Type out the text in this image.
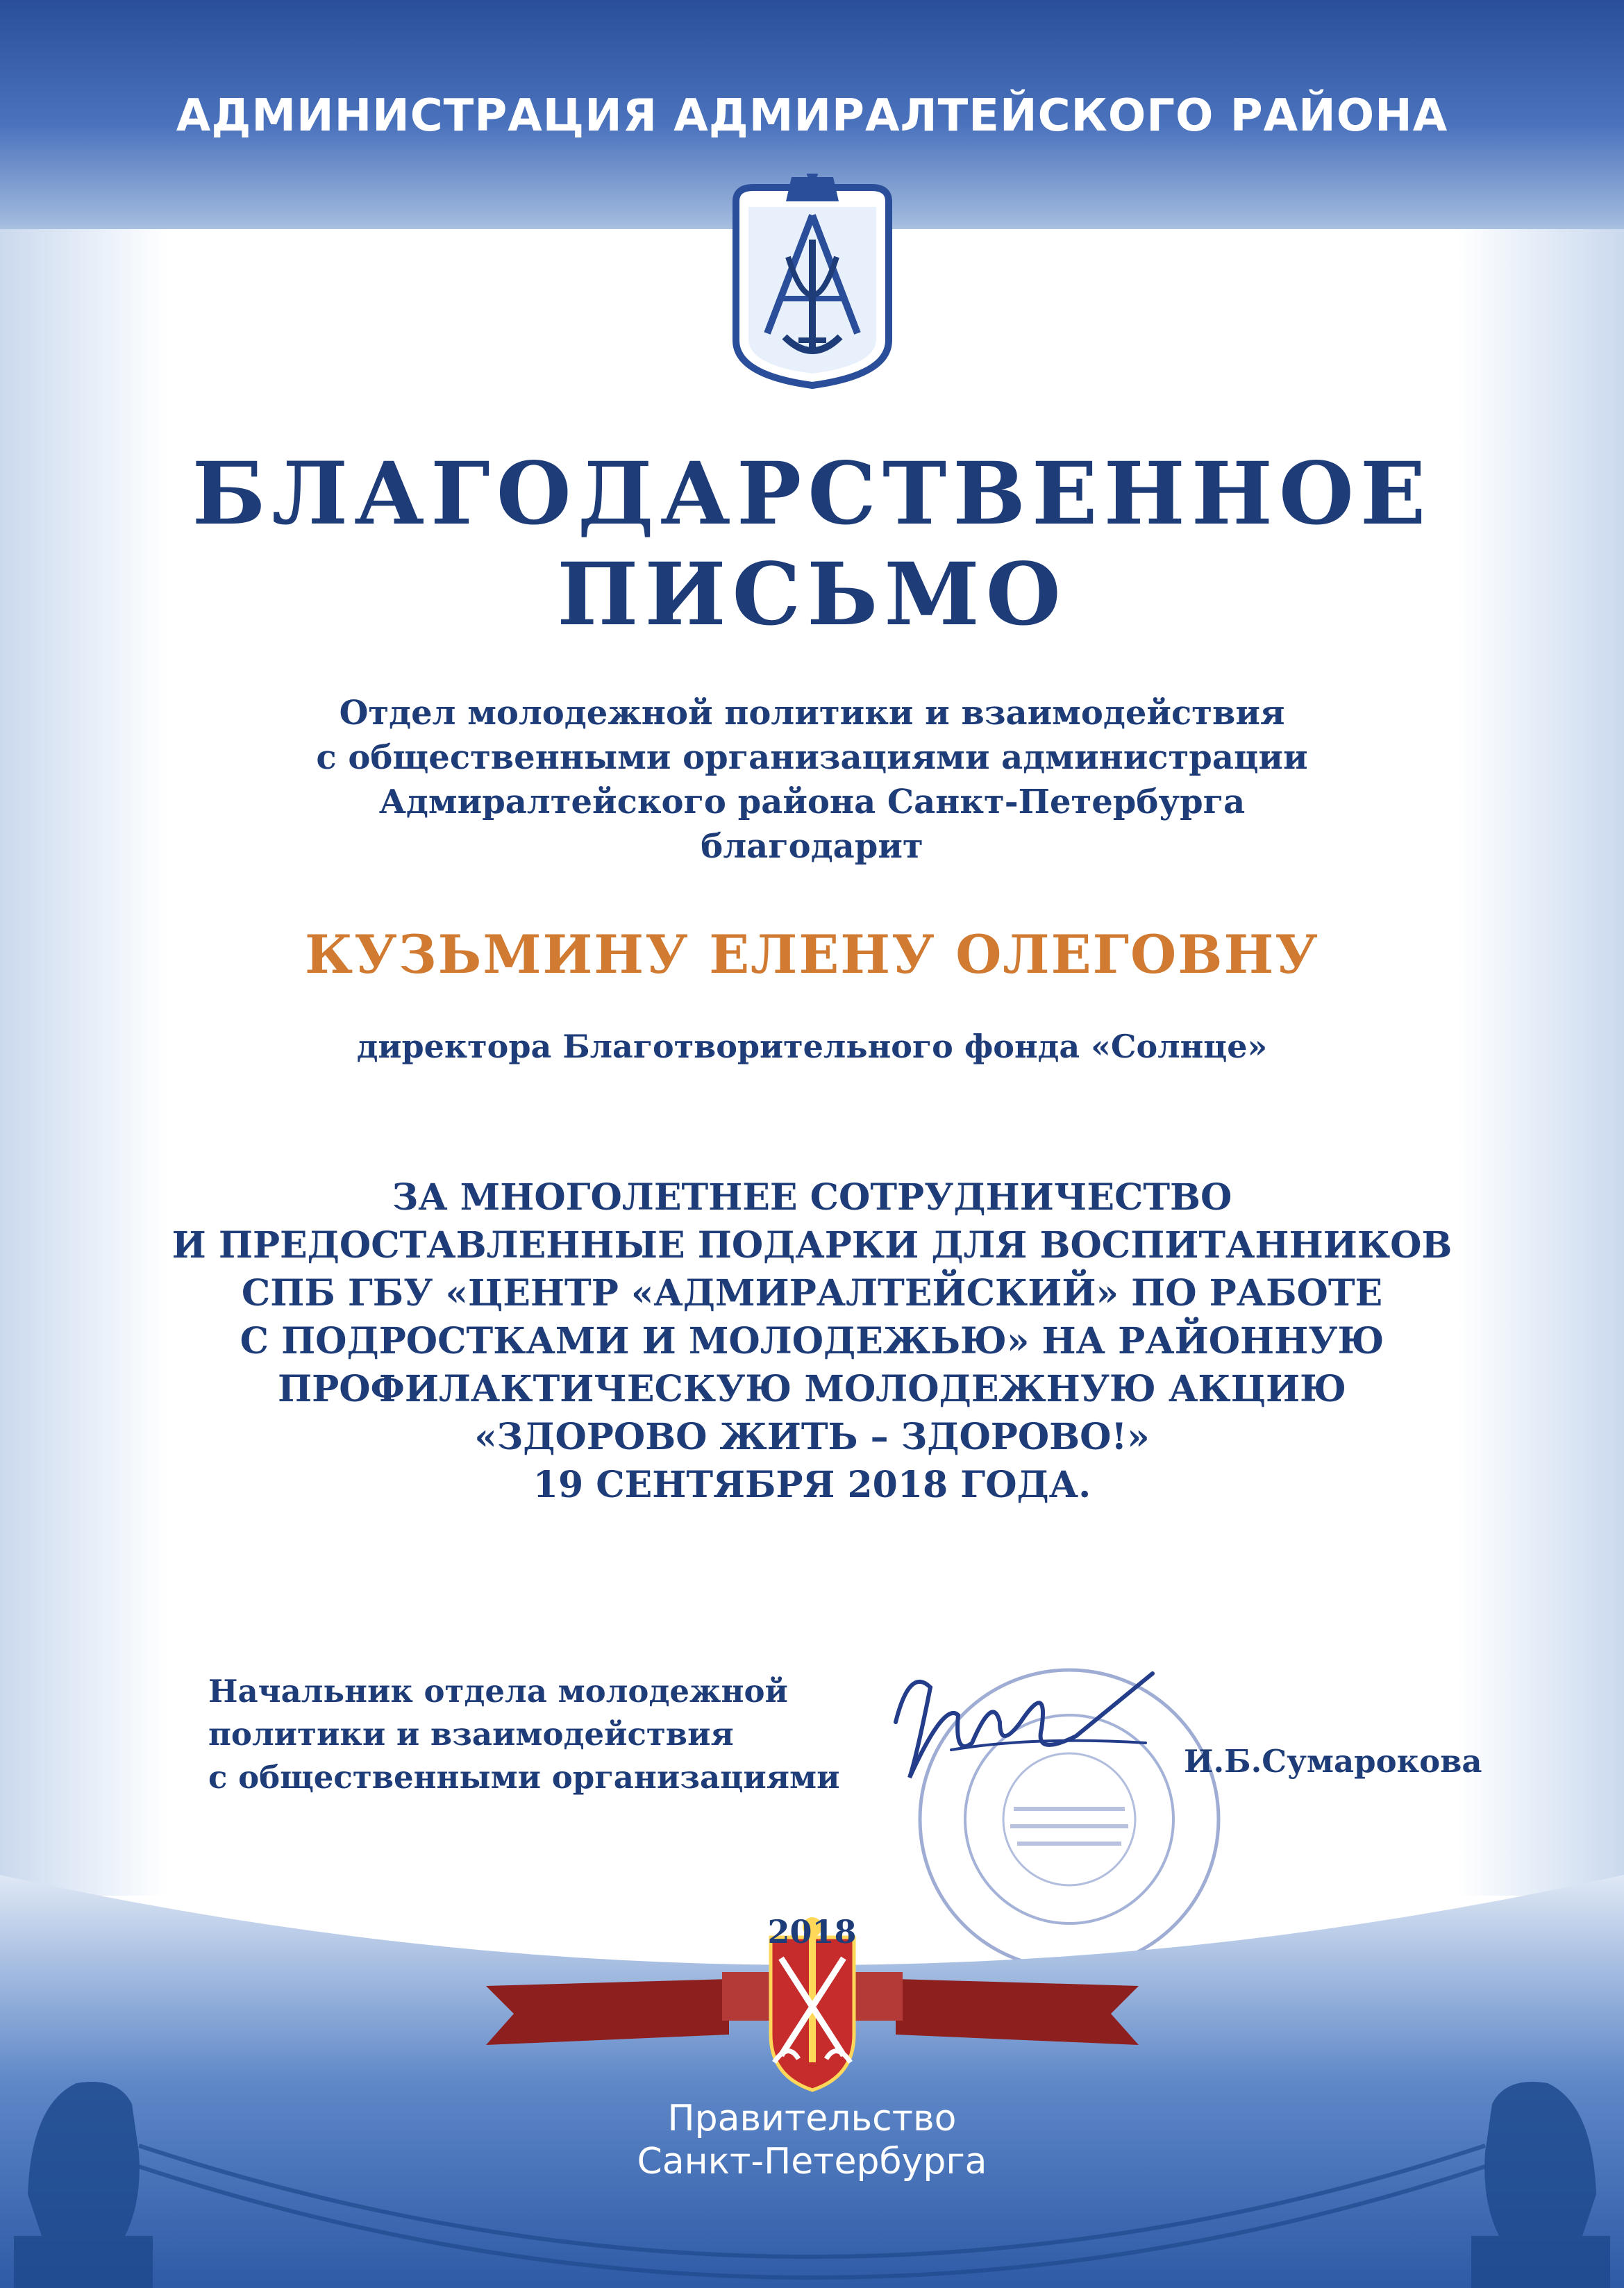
АДМИНИСТРАЦИЯ АДМИРАЛТЕЙСКОГО РАЙОНА
БЛАГОДАРСТВЕННОЕ
ПИСЬМО
Отдел молодежной политики и взаимодействия
с общественными организациями администрации
Адмиралтейского района Санкт-Петербурга
благодарит
КУЗЬМИНУ ЕЛЕНУ ОЛЕГОВНУ
директора Благотворительного фонда «Солнце»
ЗА МНОГОЛЕТНЕЕ СОТРУДНИЧЕСТВО
И ПРЕДОСТАВЛЕННЫЕ ПОДАРКИ ДЛЯ ВОСПИТАННИКОВ
СПБ ГБУ «ЦЕНТР «АДМИРАЛТЕЙСКИЙ» ПО РАБОТЕ
С ПОДРОСТКАМИ И МОЛОДЕЖЬЮ» НА РАЙОННУЮ
ПРОФИЛАКТИЧЕСКУЮ МОЛОДЕЖНУЮ АКЦИЮ
«ЗДОРОВО ЖИТЬ – ЗДОРОВО!»
19 СЕНТЯБРЯ 2018 ГОДА.
Начальник отдела молодежной
политики и взаимодействия
с общественными организациями	И.Б.Сумарокова
2018
Правительство
Санкт-Петербурга
